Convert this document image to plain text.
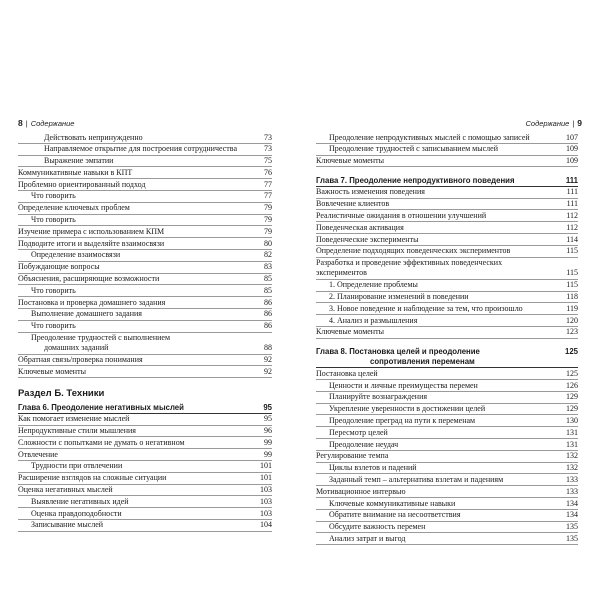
8 | Содержание
Действовать непринужденно	73
Направляемое открытие для построения сотрудничества	73
Выражение эмпатии	75
Коммуникативные навыки в КПТ	76
Проблемно ориентированный подход	77
Что говорить	77
Определение ключевых проблем	79
Что говорить	79
Изучение примера с использованием КПМ	79
Подводите итоги и выделяйте взаимосвязи	80
Определение взаимосвязи	82
Побуждающие вопросы	83
Объяснения, расширяющие возможности	85
Что говорить	85
Постановка и проверка домашнего задания	86
Выполнение домашнего задания	86
Что говорить	86
Преодоление трудностей с выполнением
домашних заданий	88
Обратная связь/проверка понимания	92
Ключевые моменты	92
Раздел Б. Техники
Глава 6. Преодоление негативных мыслей	95
Как помогает изменение мыслей	95
Непродуктивные стили мышления	96
Сложности с попытками не думать о негативном	99
Отвлечение	99
Трудности при отвлечении	101
Расширение взглядов на сложные ситуации	101
Оценка негативных мыслей	103
Выявление негативных идей	103
Оценка правдоподобности	103
Записывание мыслей	104
Содержание | 9
Преодоление непродуктивных мыслей с помощью записей	107
Преодоление трудностей с записыванием мыслей	109
Ключевые моменты	109
Глава 7. Преодоление непродуктивного поведения	111
Важность изменения поведения	111
Вовлечение клиентов	111
Реалистичные ожидания в отношении улучшений	112
Поведенческая активация	112
Поведенческие эксперименты	114
Определение подходящих поведенческих экспериментов	115
Разработка и проведение эффективных поведенческих
экспериментов	115
1. Определение проблемы	115
2. Планирование изменений в поведении	118
3. Новое поведение и наблюдение за тем, что произошло	119
4. Анализ и размышления	120
Ключевые моменты	123
Глава 8. Постановка целей и преодоление
сопротивления переменам
125
Постановка целей	125
Ценности и личные преимущества перемен	126
Планируйте вознаграждения	129
Укрепление уверенности в достижении целей	129
Преодоление преград на пути к переменам	130
Пересмотр целей	131
Преодоление неудач	131
Регулирование темпа	132
Циклы взлетов и падений	132
Заданный темп – альтернатива взлетам и падениям	133
Мотивационное интервью	133
Ключевые коммуникативные навыки	134
Обратите внимание на несоответствия	134
Обсудите важность перемен	135
Анализ затрат и выгод	135
